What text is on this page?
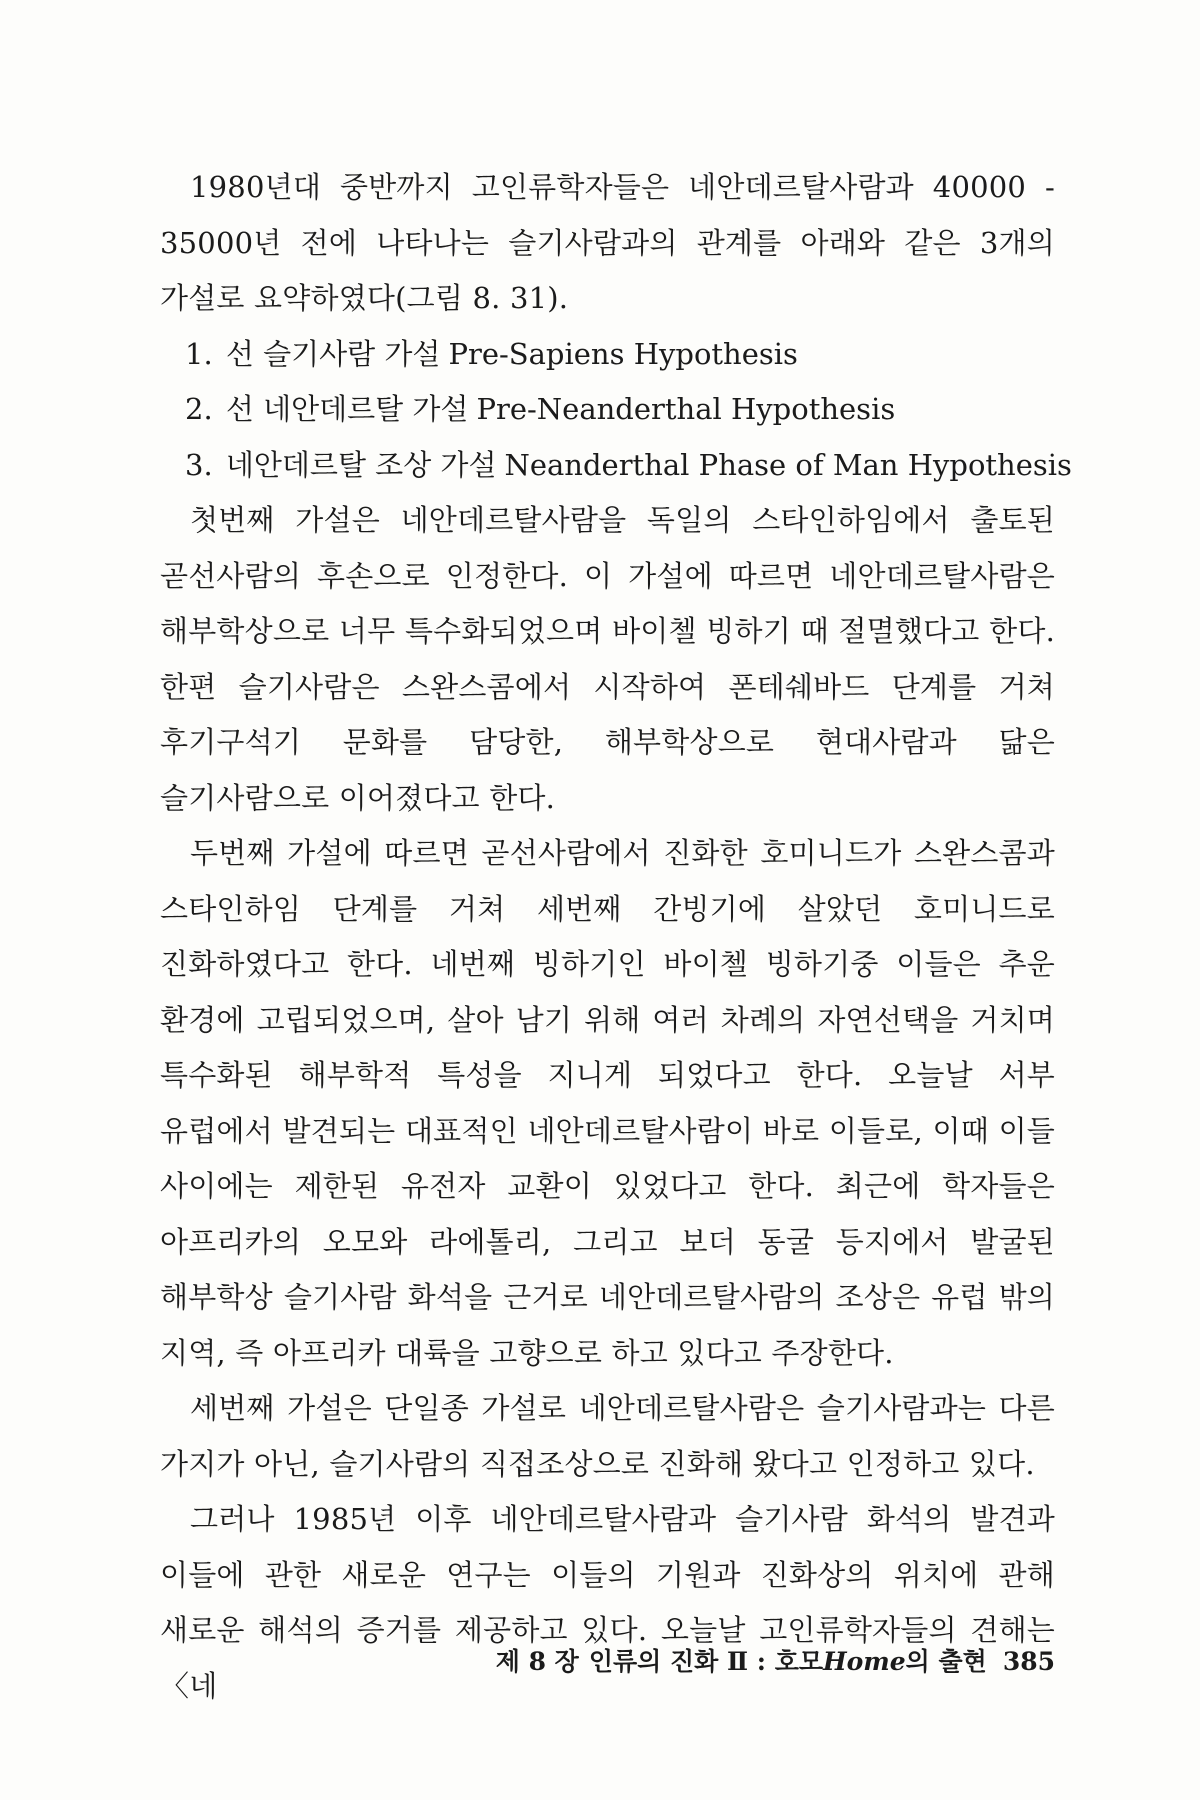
1980년대 중반까지 고인류학자들은 네안데르탈사람과 40000 - 35000년 전에 나타나는 슬기사람과의 관계를 아래와 같은 3개의 가설로 요약하였다(그림 8. 31).

1. 선 슬기사람 가설 Pre-Sapiens Hypothesis

2. 선 네안데르탈 가설 Pre-Neanderthal Hypothesis

3. 네안데르탈 조상 가설 Neanderthal Phase of Man Hypothesis

첫번째 가설은 네안데르탈사람을 독일의 스타인하임에서 출토된 곧선사람의 후손으로 인정한다. 이 가설에 따르면 네안데르탈사람은 해부학상으로 너무 특수화되었으며 바이첼 빙하기 때 절멸했다고 한다. 한편 슬기사람은 스완스콤에서 시작하여 폰테쉐바드 단계를 거쳐 후기구석기 문화를 담당한, 해부학상으로 현대사람과 닮은 슬기사람으로 이어졌다고 한다.

두번째 가설에 따르면 곧선사람에서 진화한 호미니드가 스완스콤과 스타인하임 단계를 거쳐 세번째 간빙기에 살았던 호미니드로 진화하였다고 한다. 네번째 빙하기인 바이첼 빙하기중 이들은 추운 환경에 고립되었으며, 살아 남기 위해 여러 차례의 자연선택을 거치며 특수화된 해부학적 특성을 지니게 되었다고 한다. 오늘날 서부 유럽에서 발견되는 대표적인 네안데르탈사람이 바로 이들로, 이때 이들 사이에는 제한된 유전자 교환이 있었다고 한다. 최근에 학자들은 아프리카의 오모와 라에톨리, 그리고 보더 동굴 등지에서 발굴된 해부학상 슬기사람 화석을 근거로 네안데르탈사람의 조상은 유럽 밖의 지역, 즉 아프리카 대륙을 고향으로 하고 있다고 주장한다.

세번째 가설은 단일종 가설로 네안데르탈사람은 슬기사람과는 다른 가지가 아닌, 슬기사람의 직접조상으로 진화해 왔다고 인정하고 있다.

그러나 1985년 이후 네안데르탈사람과 슬기사람 화석의 발견과 이들에 관한 새로운 연구는 이들의 기원과 진화상의 위치에 관해 새로운 해석의 증거를 제공하고 있다. 오늘날 고인류학자들의 견해는 〈네

제 8 장 인류의 진화 Ⅱ : 호모Home의 출현 385
